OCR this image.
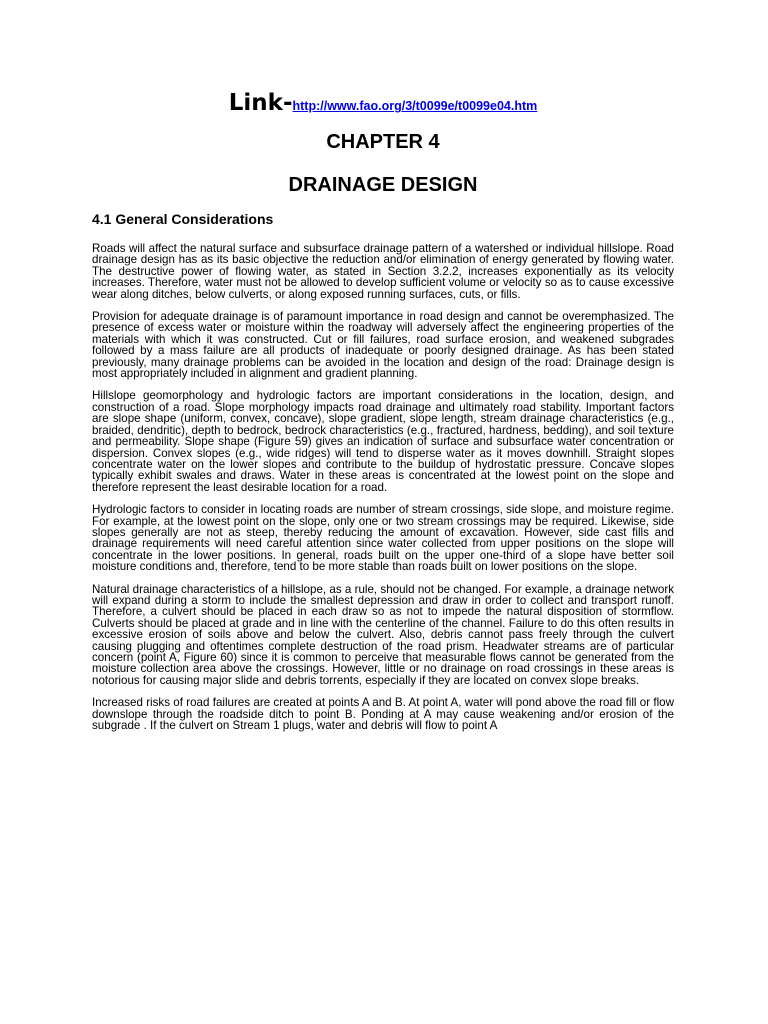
Link-http://www.fao.org/3/t0099e/t0099e04.htm
CHAPTER 4
DRAINAGE DESIGN
4.1 General Considerations

Roads will affect the natural surface and subsurface drainage pattern of a watershed or individual hillslope. Road drainage design has as its basic objective the reduction and/or elimination of energy generated by flowing water. The destructive power of flowing water, as stated in Section 3.2.2, increases exponentially as its velocity increases. Therefore, water must not be allowed to develop sufficient volume or velocity so as to cause excessive wear along ditches, below culverts, or along exposed running surfaces, cuts, or fills.

Provision for adequate drainage is of paramount importance in road design and cannot be overemphasized. The presence of excess water or moisture within the roadway will adversely affect the engineering properties of the materials with which it was constructed. Cut or fill failures, road surface erosion, and weakened subgrades followed by a mass failure are all products of inadequate or poorly designed drainage. As has been stated previously, many drainage problems can be avoided in the location and design of the road: Drainage design is most appropriately included in alignment and gradient planning.

Hillslope geomorphology and hydrologic factors are important considerations in the location, design, and construction of a road. Slope morphology impacts road drainage and ultimately road stability. Important factors are slope shape (uniform, convex, concave), slope gradient, slope length, stream drainage characteristics (e.g., braided, dendritic), depth to bedrock, bedrock characteristics (e.g., fractured, hardness, bedding), and soil texture and permeability. Slope shape (Figure 59) gives an indication of surface and subsurface water concentration or dispersion. Convex slopes (e.g., wide ridges) will tend to disperse water as it moves downhill. Straight slopes concentrate water on the lower slopes and contribute to the buildup of hydrostatic pressure. Concave slopes typically exhibit swales and draws. Water in these areas is concentrated at the lowest point on the slope and therefore represent the least desirable location for a road.

Hydrologic factors to consider in locating roads are number of stream crossings, side slope, and moisture regime. For example, at the lowest point on the slope, only one or two stream crossings may be required. Likewise, side slopes generally are not as steep, thereby reducing the amount of excavation. However, side cast fills and drainage requirements will need careful attention since water collected from upper positions on the slope will concentrate in the lower positions. In general, roads built on the upper one-third of a slope have better soil moisture conditions and, therefore, tend to be more stable than roads built on lower positions on the slope.

Natural drainage characteristics of a hillslope, as a rule, should not be changed. For example, a drainage network will expand during a storm to include the smallest depression and draw in order to collect and transport runoff. Therefore, a culvert should be placed in each draw so as not to impede the natural disposition of stormflow. Culverts should be placed at grade and in line with the centerline of the channel. Failure to do this often results in excessive erosion of soils above and below the culvert. Also, debris cannot pass freely through the culvert causing plugging and oftentimes complete destruction of the road prism. Headwater streams are of particular concern (point A, Figure 60) since it is common to perceive that measurable flows cannot be generated from the moisture collection area above the crossings. However, little or no drainage on road crossings in these areas is notorious for causing major slide and debris torrents, especially if they are located on convex slope breaks.

Increased risks of road failures are created at points A and B. At point A, water will pond above the road fill or flow downslope through the roadside ditch to point B. Ponding at A may cause weakening and/or erosion of the subgrade . If the culvert on Stream 1 plugs, water and debris will flow to point A
